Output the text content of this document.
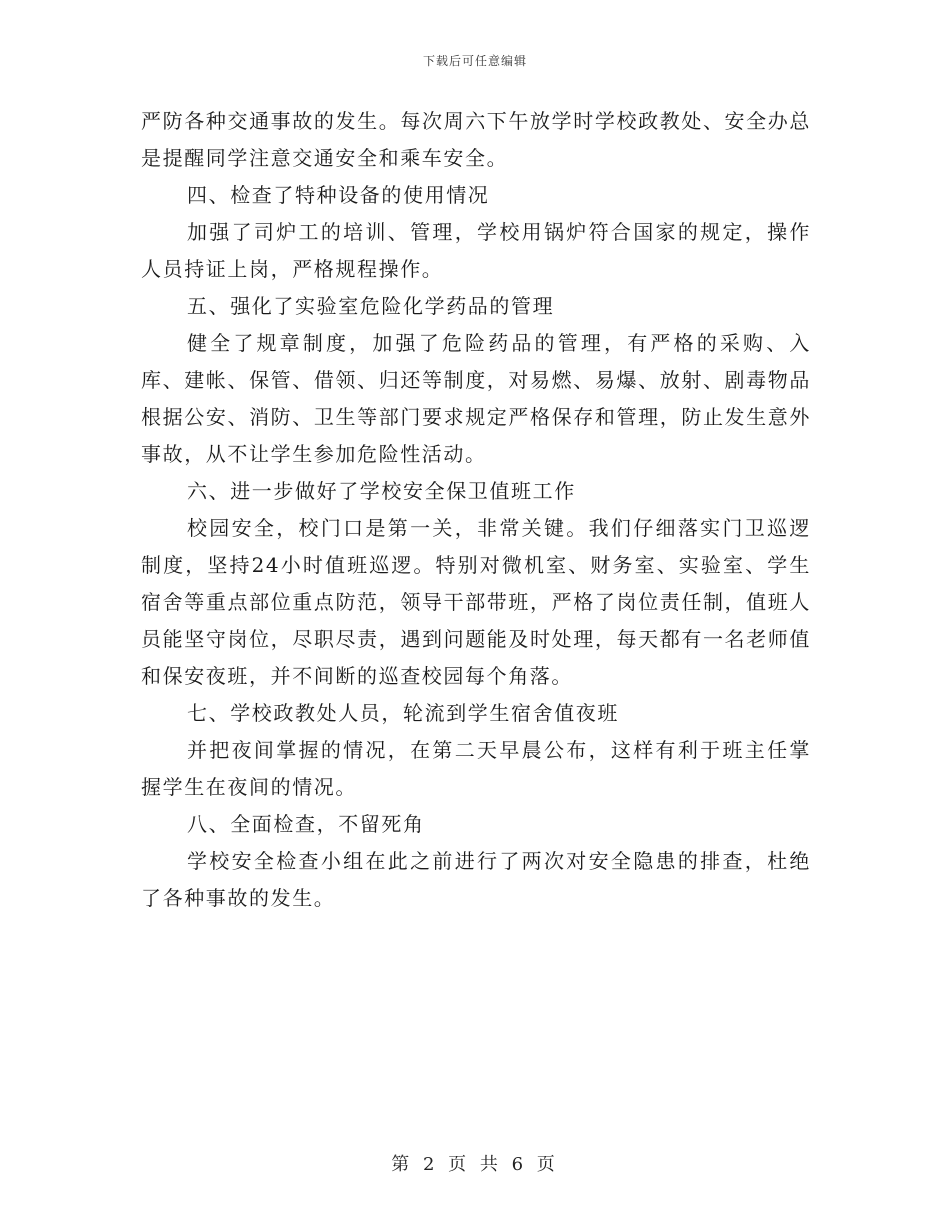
下载后可任意编辑

严防各种交通事故的发生。每次周六下午放学时学校政教处、安全办总是提醒同学注意交通安全和乘车安全。

四、检查了特种设备的使用情况

加强了司炉工的培训、管理，学校用锅炉符合国家的规定，操作人员持证上岗，严格规程操作。

五、强化了实验室危险化学药品的管理

健全了规章制度，加强了危险药品的管理，有严格的采购、入库、建帐、保管、借领、归还等制度，对易燃、易爆、放射、剧毒物品根据公安、消防、卫生等部门要求规定严格保存和管理，防止发生意外事故，从不让学生参加危险性活动。

六、进一步做好了学校安全保卫值班工作

校园安全，校门口是第一关，非常关键。我们仔细落实门卫巡逻制度，坚持24小时值班巡逻。特别对微机室、财务室、实验室、学生宿舍等重点部位重点防范，领导干部带班，严格了岗位责任制，值班人员能坚守岗位，尽职尽责，遇到问题能及时处理，每天都有一名老师值和保安夜班，并不间断的巡查校园每个角落。

七、学校政教处人员，轮流到学生宿舍值夜班

并把夜间掌握的情况，在第二天早晨公布，这样有利于班主任掌握学生在夜间的情况。

八、全面检查，不留死角

学校安全检查小组在此之前进行了两次对安全隐患的排查，杜绝了各种事故的发生。

第 2 页 共 6 页
